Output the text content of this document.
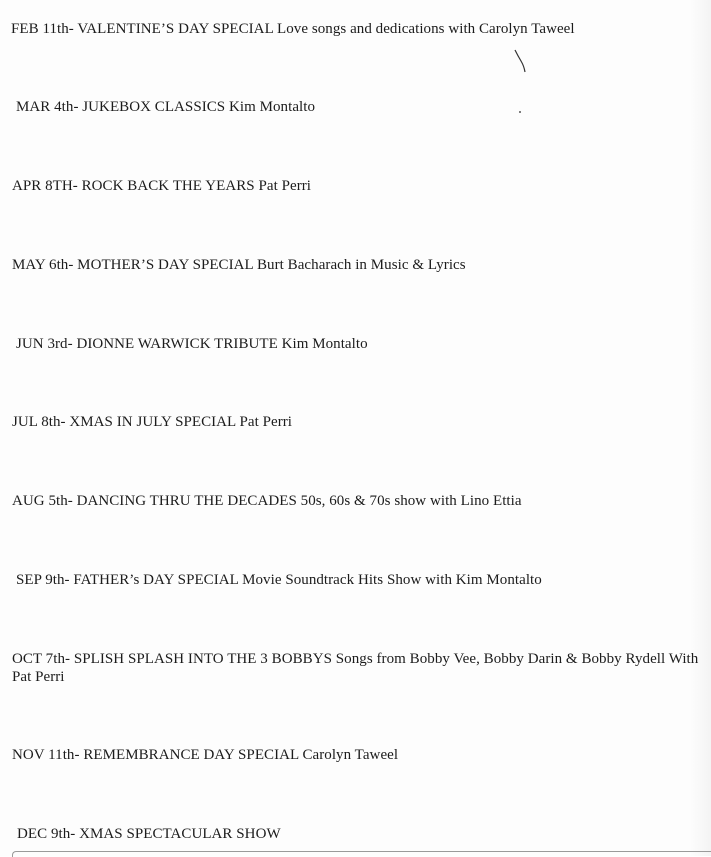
FEB 11th- VALENTINE’S DAY SPECIAL Love songs and dedications with Carolyn Taweel
MAR 4th- JUKEBOX CLASSICS Kim Montalto
APR 8TH- ROCK BACK THE YEARS Pat Perri
MAY 6th- MOTHER’S DAY SPECIAL Burt Bacharach in Music & Lyrics
JUN 3rd- DIONNE WARWICK TRIBUTE Kim Montalto
JUL 8th- XMAS IN JULY SPECIAL Pat Perri
AUG 5th- DANCING THRU THE DECADES 50s, 60s & 70s show with Lino Ettia
SEP 9th- FATHER’s DAY SPECIAL Movie Soundtrack Hits Show with Kim Montalto
OCT 7th- SPLISH SPLASH INTO THE 3 BOBBYS Songs from Bobby Vee, Bobby Darin & Bobby Rydell With Pat Perri
NOV 11th- REMEMBRANCE DAY SPECIAL Carolyn Taweel
DEC 9th- XMAS SPECTACULAR SHOW
